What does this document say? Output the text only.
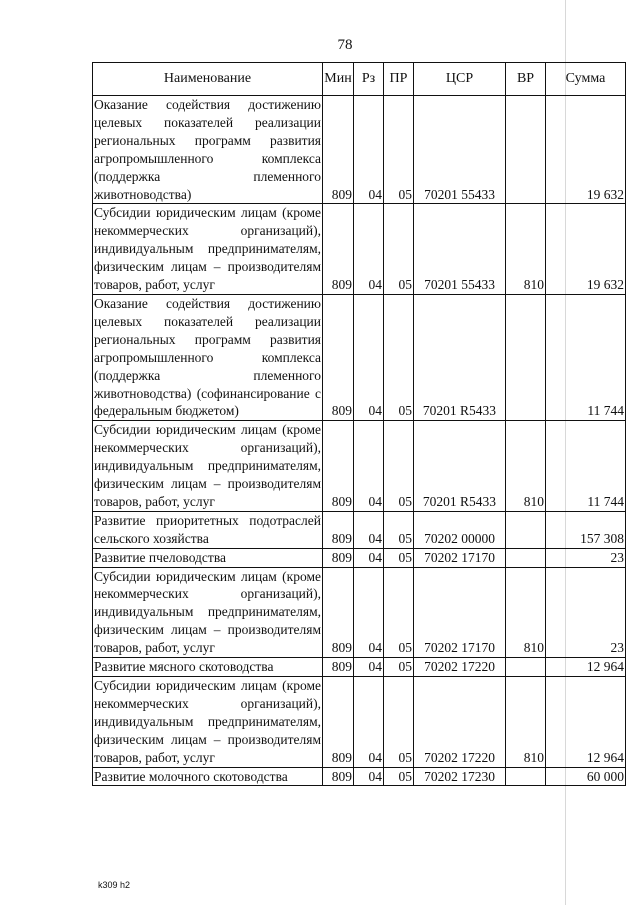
78
Наименование	Мин	Рз	ПР	ЦСР	ВР	Сумма
Оказание содействия достижению целевых показателей реализации региональных программ развития агропромышленного комплекса (поддержка племенного животноводства)	809	04	05	70201 55433		19 632
Субсидии юридическим лицам (кроме некоммерческих организаций), индивидуальным предпринимателям, физическим лицам – производителям товаров, работ, услуг	809	04	05	70201 55433	810	19 632
Оказание содействия достижению целевых показателей реализации региональных программ развития агропромышленного комплекса (поддержка племенного животноводства) (софинансирование с федеральным бюджетом)	809	04	05	70201 R5433		11 744
Субсидии юридическим лицам (кроме некоммерческих организаций), индивидуальным предпринимателям, физическим лицам – производителям товаров, работ, услуг	809	04	05	70201 R5433	810	11 744
Развитие приоритетных подотраслей сельского хозяйства	809	04	05	70202 00000		157 308
Развитие пчеловодства	809	04	05	70202 17170		23
Субсидии юридическим лицам (кроме некоммерческих организаций), индивидуальным предпринимателям, физическим лицам – производителям товаров, работ, услуг	809	04	05	70202 17170	810	23
Развитие мясного скотоводства	809	04	05	70202 17220		12 964
Субсидии юридическим лицам (кроме некоммерческих организаций), индивидуальным предпринимателям, физическим лицам – производителям товаров, работ, услуг	809	04	05	70202 17220	810	12 964
Развитие молочного скотоводства	809	04	05	70202 17230		60 000
k309 h2
